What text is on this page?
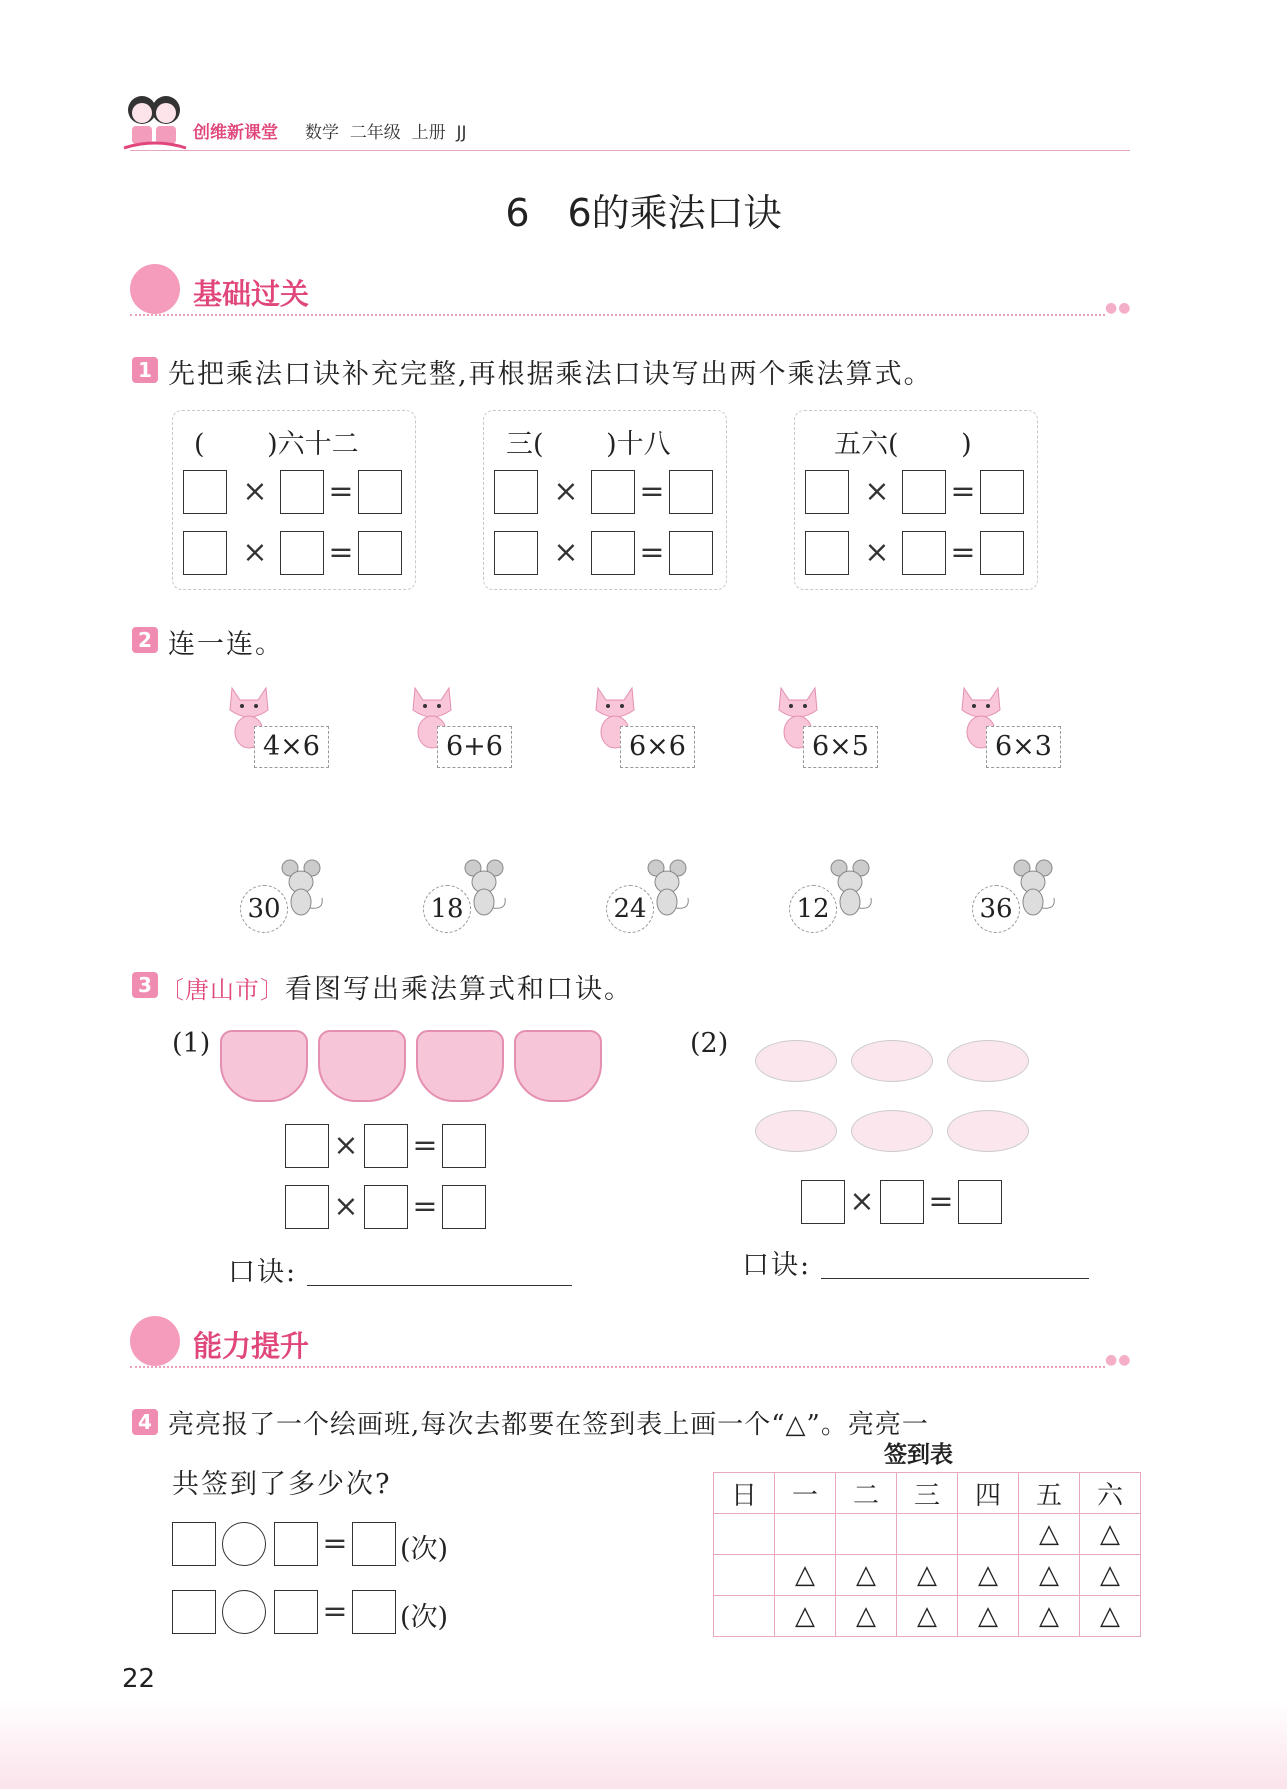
创维新课堂 数学 二年级 上册 JJ
6　6的乘法口诀
基础过关	●●
1 先把乘法口诀补充完整,再根据乘法口诀写出两个乘法算式。
(　　 )六十二	三(　　 )十八	五六(　　 )
× =
× =
× =
× =
× =
× =
2 连一连。
4×6	6+6	6×6	6×5	6×3
30	18	24	12	36
3 〔唐山市〕看图写出乘法算式和口诀。
(1)
× =
× =
口诀:
(2)
× =
口诀:
能力提升	●●
4 亮亮报了一个绘画班,每次去都要在签到表上画一个“△”。亮亮一
共签到了多少次?
= (次)
= (次)
签到表
日	一	二	三	四	五	六
					△	△
	△	△	△	△	△	△
	△	△	△	△	△	△
22
